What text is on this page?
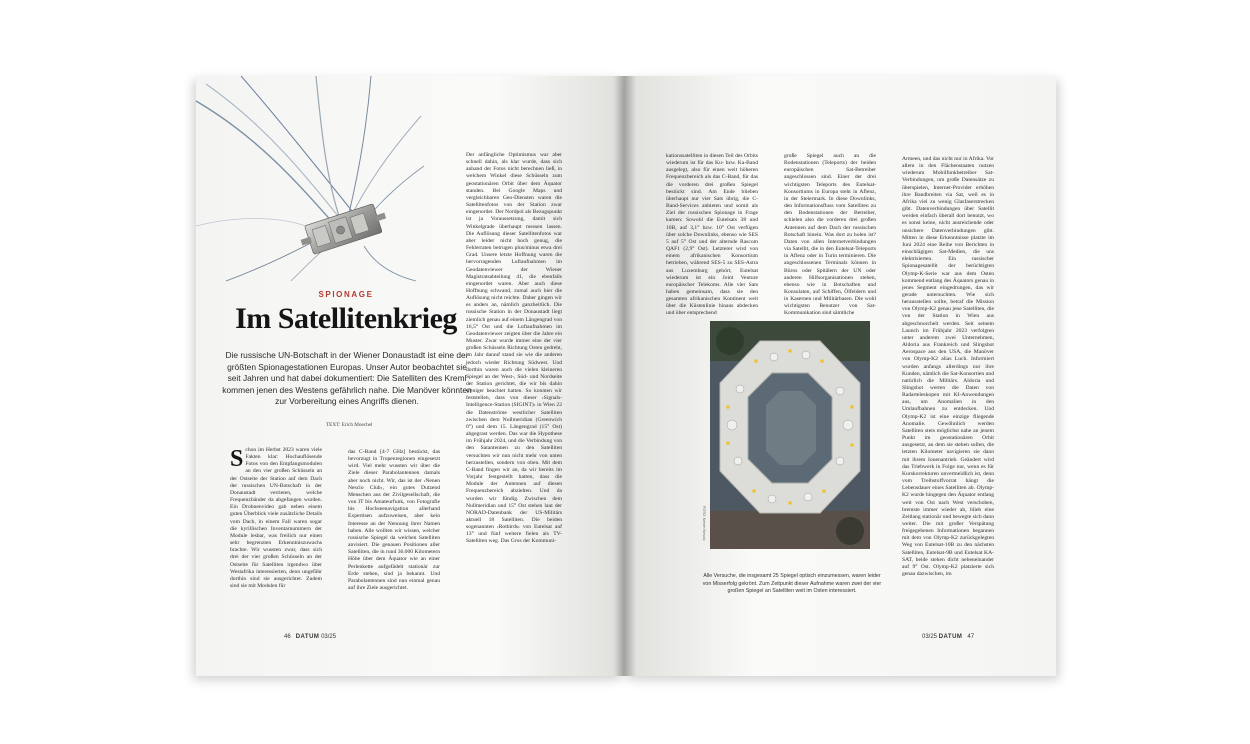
SPIONAGE
Im Satellitenkrieg
Die russische UN-Botschaft in der Wiener Donaustadt ist eine der größten Spionagestationen Europas. Unser Autor beobachtet sie seit Jahren und hat dabei dokumentiert: Die Satelliten des Kreml kommen jenen des Westens gefährlich nahe. Die Manöver könnten zur Vorbereitung eines Angriffs dienen.
TEXT: Erich Moechel
Schon im Herbst 2023 waren viele Fakten klar: Hochauflösende Fotos von den Empfangsmodulen an den vier großen Schüsseln an der Ostseite der Station auf dem Dach der russischen UN-Botschaft in der Donaustadt verrieten, welche Frequenzbänder da abgefangen wurden. Ein Drohnenvideo gab neben einem guten Überblick viele zusätzliche Details vom Dach, in einem Fall waren sogar die kyrillischen Inventarnummern der Module lesbar, was freilich nur einen sehr begrenzten Erkenntniszuwachs brachte. Wir wussten zwar, dass sich drei der vier großen Schüsseln an der Ostseite für Satelliten irgendwo über Westafrika interessierten, denn ungefähr dorthin sind sie ausgerichtet. Zudem sind sie mit Modulen für
das C-Band [4-7 GHz] bestückt, das bevorzugt in Tropenregionen eingesetzt wird. Viel mehr wussten wir über die Ziele dieser Parabolantennen damals aber noch nicht. Wir, das ist der ›Nenen Nescio Club‹, ein gutes Dutzend Menschen aus der Zivilgesellschaft, die von IT bis Amateurfunk, von Fotografie bis Hochseenavigation allerhand Expertisen aufzuweisen, aber kein Interesse an der Nennung ihrer Namen haben. Alle wollten wir wissen, welcher russische Spiegel da welchen Satelliten anvisiert. Die genauen Positionen aller Satelliten, die in rund 36.000 Kilometern Höhe über dem Äquator wie an einer Perlenkette aufgefädelt stationär zur Erde stehen, sind ja bekannt. Und Parabolantennen sind nun einmal genau auf ihre Ziele ausgerichtet.
Der anfängliche Optimismus war aber schnell dahin, als klar wurde, dass sich anhand der Fotos nicht berechnen ließ, in welchem Winkel diese Schüsseln zum geostationären Orbit über dem Äquator standen. Bei Google Maps und vergleichbaren Geo-Diensten waren die Satellitenfotos von der Station zwar eingenordet. Der Nordpol als Bezugspunkt ist ja Voraussetzung, damit sich Winkelgrade überhaupt messen lassen. Die Auflösung dieser Satellitenfotos war aber leider nicht hoch genug, die Fehlerraten betrugen plus/minus etwa drei Grad. Unsere letzte Hoffnung waren die hervorragenden Luftaufnahmen im Geodatenviewer der Wiener Magistratsabteilung 41, die ebenfalls eingenordet waren. Aber auch diese Hoffnung schwand, zumal auch hier die Auflösung nicht reichte. Daher gingen wir es anders an, nämlich ganzheitlich. Die russische Station in der Donaustadt liegt ziemlich genau auf einem Längengrad von 16,5° Ost und die Luftaufnahmen im Geodatenviewer zeigten über die Jahre ein Muster. Zwar wurde immer eine der vier großen Schüsseln Richtung Osten gedreht, im Jahr darauf stand sie wie die anderen jedoch wieder Richtung Südwest. Und dorthin waren auch die vielen kleineren Spiegel an der West-, Süd- und Nordseite der Station gerichtet, die wir bis dahin weniger beachtet hatten. So konnten wir feststellen, dass von dieser ›Signals-Intelligence-Station (SIGINT)‹ in Wien 22 die Datenströme westlicher Satelliten zwischen dem Nullmeridian (Greenwich 0°) und dem 15. Längengrad (15° Ost) abgegrast werden. Das war die Hypothese im Frühjahr 2024, und die Verbindung von den Satantennen zu den Satelliten versuchten wir nun nicht mehr von unten herzustellen, sondern von oben. Mit dem C-Band fingen wir an, da wir bereits im Vorjahr festgestellt hatten, dass die Module der Antennen auf diesen Frequenzbereich abzielten. Und da wurden wir fündig. Zwischen dem Nullmeridian und 15° Ost stehen laut der NORAD-Datenbank der US-Militärs aktuell 18 Satelliten. Die beiden sogenannten ›Rotbirds‹ von Eutelsat auf 13° und fünf weitere fielen als TV-Satelliten weg. Das Gros der Kommuni-
46 DATUM 03/25
kationssatelliten in diesen Teil des Orbits wiederum ist für das Ku- bzw. Ka-Band ausgelegt, also für einen weit höheren Frequenzbereich als das C-Band, für das die vorderen drei großen Spiegel bestückt sind. Am Ende blieben überhaupt nur vier Sats übrig, die C-Band-Services anbieten und somit als Ziel der russischen Spionage in Frage kamen: Sowohl die Eutelsats 38 und 10B, auf 3,1° bzw. 10° Ost verfügen über solche Downlinks, ebenso wie SES 5 auf 5° Ost und der alternde Rascom QAF1 (2,9° Ost). Letzterer wird von einem afrikanischen Konsortium betrieben, während SES-5 zu SES-Astra aus Luxemburg gehört, Eutelsat wiederum ist ein Joint Venture europäischer Telekoms. Alle vier Sats haben gemeinsam, dass sie den gesamten afrikanischen Kontinent weit über die Küstenlinie hinaus abdecken und über entsprechend
große Spiegel auch an die Bodenstationen (Teleports) der beiden europäischen Sat-Betreiber angeschlossen sind. Einer der drei wichtigsten Teleports des Eutelsat-Konsortiums in Europa steht in Aflenz, in der Steiermark. In diese Downlinks, den Informationsfluss vom Satelliten zu den Bodenstationen der Betreiber, schielen also die vorderen drei großen Antennen auf dem Dach der russischen Botschaft hinein. Was dort zu holen ist? Daten von allen Internetverbindungen via Satellit, die in den Eutelsat-Teleports in Aflenz oder in Turin terminieren. Die angeschlossenen Terminals können in Büros oder Spitälern der UN oder anderen Hilfsorganisationen stehen, ebenso wie in Botschaften und Konsulaten, auf Schiffen, Ölfeldern und in Kasernen und Militärbasen. Die wohl wichtigsten Benutzer von Sat-Kommunikation sind sämtliche
Armeen, und das nicht nur in Afrika. Vor allem in den Flächenstaaten nutzen wiederum Mobilfunkbetreiber Sat-Verbindungen, um große Datensätze zu überspielen, Internet-Provider erhöhen ihre Bandbreiten via Sat, weil es in Afrika viel zu wenig Glasfaserstrecken gibt. Datenverbindungen über Satellit werden einfach überall dort benutzt, wo es sonst keine, nicht ausreichende oder unsichere Datenverbindungen gibt. Mitten in diese Erkenntnisse platzte im Juni 2024 eine Reihe von Berichten in einschlägigen Sat-Medien, die uns elektrisierten. Ein russischer Spionagesatellit der berüchtigten Olymp-K-Serie war aus dem Osten kommend entlang des Äquators genau in jenes Segment eingedrungen, das wir gerade untersuchten. Wie sich herausstellen sollte, betraf die Mission von Olymp-K2 genau jene Satelliten, die von der Station in Wien aus abgeschnorchelt werden. Seit seinem Launch im Frühjahr 2023 verfolgten unter anderem zwei Unternehmen, Aldoria aus Frankreich und Slingshot Aerospace aus den USA, die Manöver von Olymp-K2 alias Luch. Informiert wurden anfangs allerdings nur ihre Kunden, nämlich die Sat-Konsortien und natürlich die Militärs. Aldoria und Slingshot werten die Daten von Radarteleskopen mit KI-Anwendungen aus, um Anomalien in den Umlaufbahnen zu entdecken. Und Olymp-K2 ist eine einzige fliegende Anomalie. Gewöhnlich werden Satelliten stets möglichst nahe an jenem Punkt im geostationären Orbit ausgesetzt, an dem sie stehen sollen, die letzten Kilometer navigieren sie dann mit ihrem Ionenantrieb. Geändert wird das Triebwerk in Folge nur, wenn es für Kurskorrekturen unvermeidlich ist, denn vom Treibstoffvorrat hängt die Lebensdauer eines Satelliten ab. Olymp-K2 wurde hingegen den Äquator entlang weit von Ost nach West verschoben, bremste immer wieder ab, blieb eine Zeitlang stationär und bewegte sich dann weiter. Die mit großer Verspätung freigegebenen Informationen begannen mit dem von Olymp-K2 zurückgelegten Weg von Eutelsat-10B zu den nächsten Satelliten, Eutelsat-9B und Eutelsat KA-SAT, beide stehen dicht nebeneinander auf 9° Ost. Olymp-K2 platzierte sich genau dazwischen, im
FOTO: Nenen Nescio
Alle Versuche, die insgesamt 25 Spiegel optisch einzumessen, waren leider von Misserfolg gekrönt. Zum Zeitpunkt dieser Aufnahme waren zwei der vier großen Spiegel an Satelliten weit im Osten interessiert.
03/25 DATUM 47
